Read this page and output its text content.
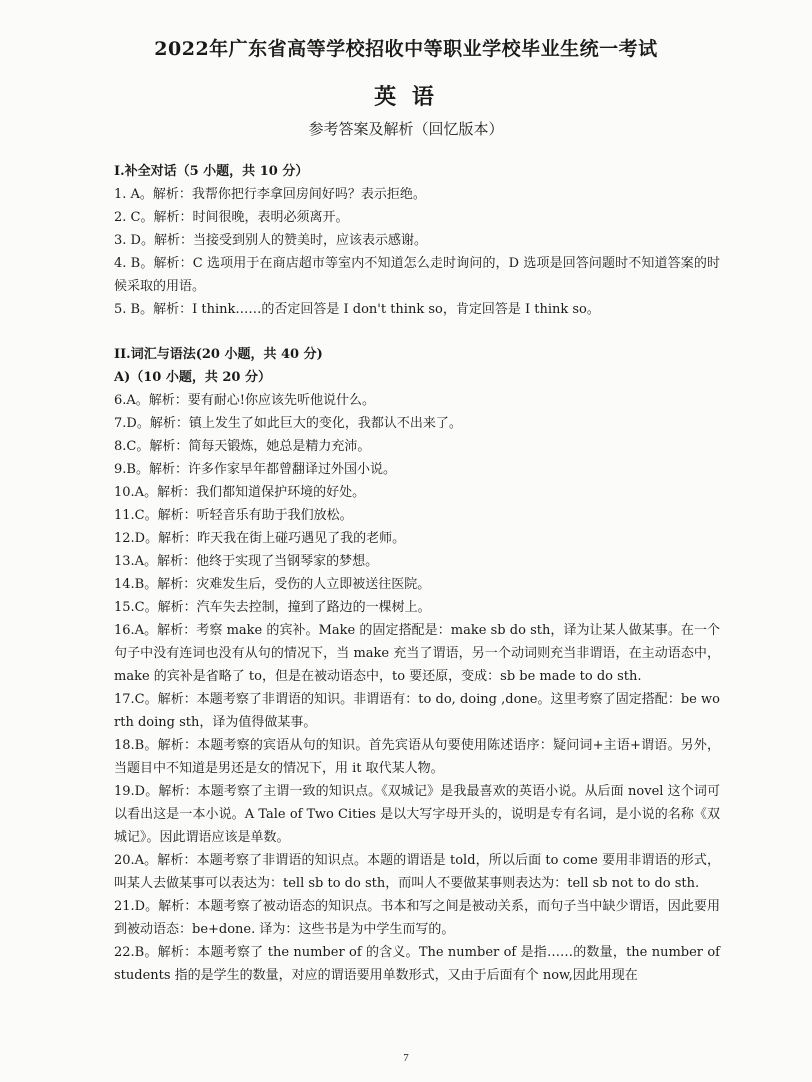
2022年广东省高等学校招收中等职业学校毕业生统一考试
英 语
参考答案及解析（回忆版本）
I.补全对话（5 小题，共 10 分）
1. A。解析：我帮你把行李拿回房间好吗？表示拒绝。
2. C。解析：时间很晚，表明必须离开。
3. D。解析：当接受到别人的赞美时，应该表示感谢。
4. B。解析：C 选项用于在商店超市等室内不知道怎么走时询问的，D 选项是回答问题时不知道答案的时候采取的用语。
5. B。解析：I think……的否定回答是 I don't think so，肯定回答是 I think so。
II.词汇与语法(20 小题，共 40 分)
A)（10 小题，共 20 分）
6.A。解析：要有耐心!你应该先听他说什么。
7.D。解析：镇上发生了如此巨大的变化，我都认不出来了。
8.C。解析：简每天锻炼，她总是精力充沛。
9.B。解析：许多作家早年都曾翻译过外国小说。
10.A。解析：我们都知道保护环境的好处。
11.C。解析：听轻音乐有助于我们放松。
12.D。解析：昨天我在街上碰巧遇见了我的老师。
13.A。解析：他终于实现了当钢琴家的梦想。
14.B。解析：灾难发生后，受伤的人立即被送往医院。
15.C。解析：汽车失去控制，撞到了路边的一棵树上。
16.A。解析：考察 make 的宾补。Make 的固定搭配是：make sb do sth，译为让某人做某事。在一个句子中没有连词也没有从句的情况下，当 make 充当了谓语，另一个动词则充当非谓语，在主动语态中，make 的宾补是省略了 to，但是在被动语态中，to 要还原，变成：sb be made to do sth.
17.C。解析：本题考察了非谓语的知识。非谓语有：to do, doing ,done。这里考察了固定搭配：be worth doing sth，译为值得做某事。
18.B。解析：本题考察的宾语从句的知识。首先宾语从句要使用陈述语序：疑问词+主语+谓语。另外，当题目中不知道是男还是女的情况下，用 it 取代某人物。
19.D。解析：本题考察了主谓一致的知识点。《双城记》是我最喜欢的英语小说。从后面 novel 这个词可以看出这是一本小说。A Tale of Two Cities 是以大写字母开头的，说明是专有名词，是小说的名称《双城记》。因此谓语应该是单数。
20.A。解析：本题考察了非谓语的知识点。本题的谓语是 told，所以后面 to come 要用非谓语的形式，叫某人去做某事可以表达为：tell sb to do sth，而叫人不要做某事则表达为：tell sb not to do sth.
21.D。解析：本题考察了被动语态的知识点。书本和写之间是被动关系，而句子当中缺少谓语，因此要用到被动语态：be+done. 译为：这些书是为中学生而写的。
22.B。解析：本题考察了 the number of 的含义。The number of 是指……的数量，the number of students 指的是学生的数量，对应的谓语要用单数形式，又由于后面有个 now,因此用现在
7
